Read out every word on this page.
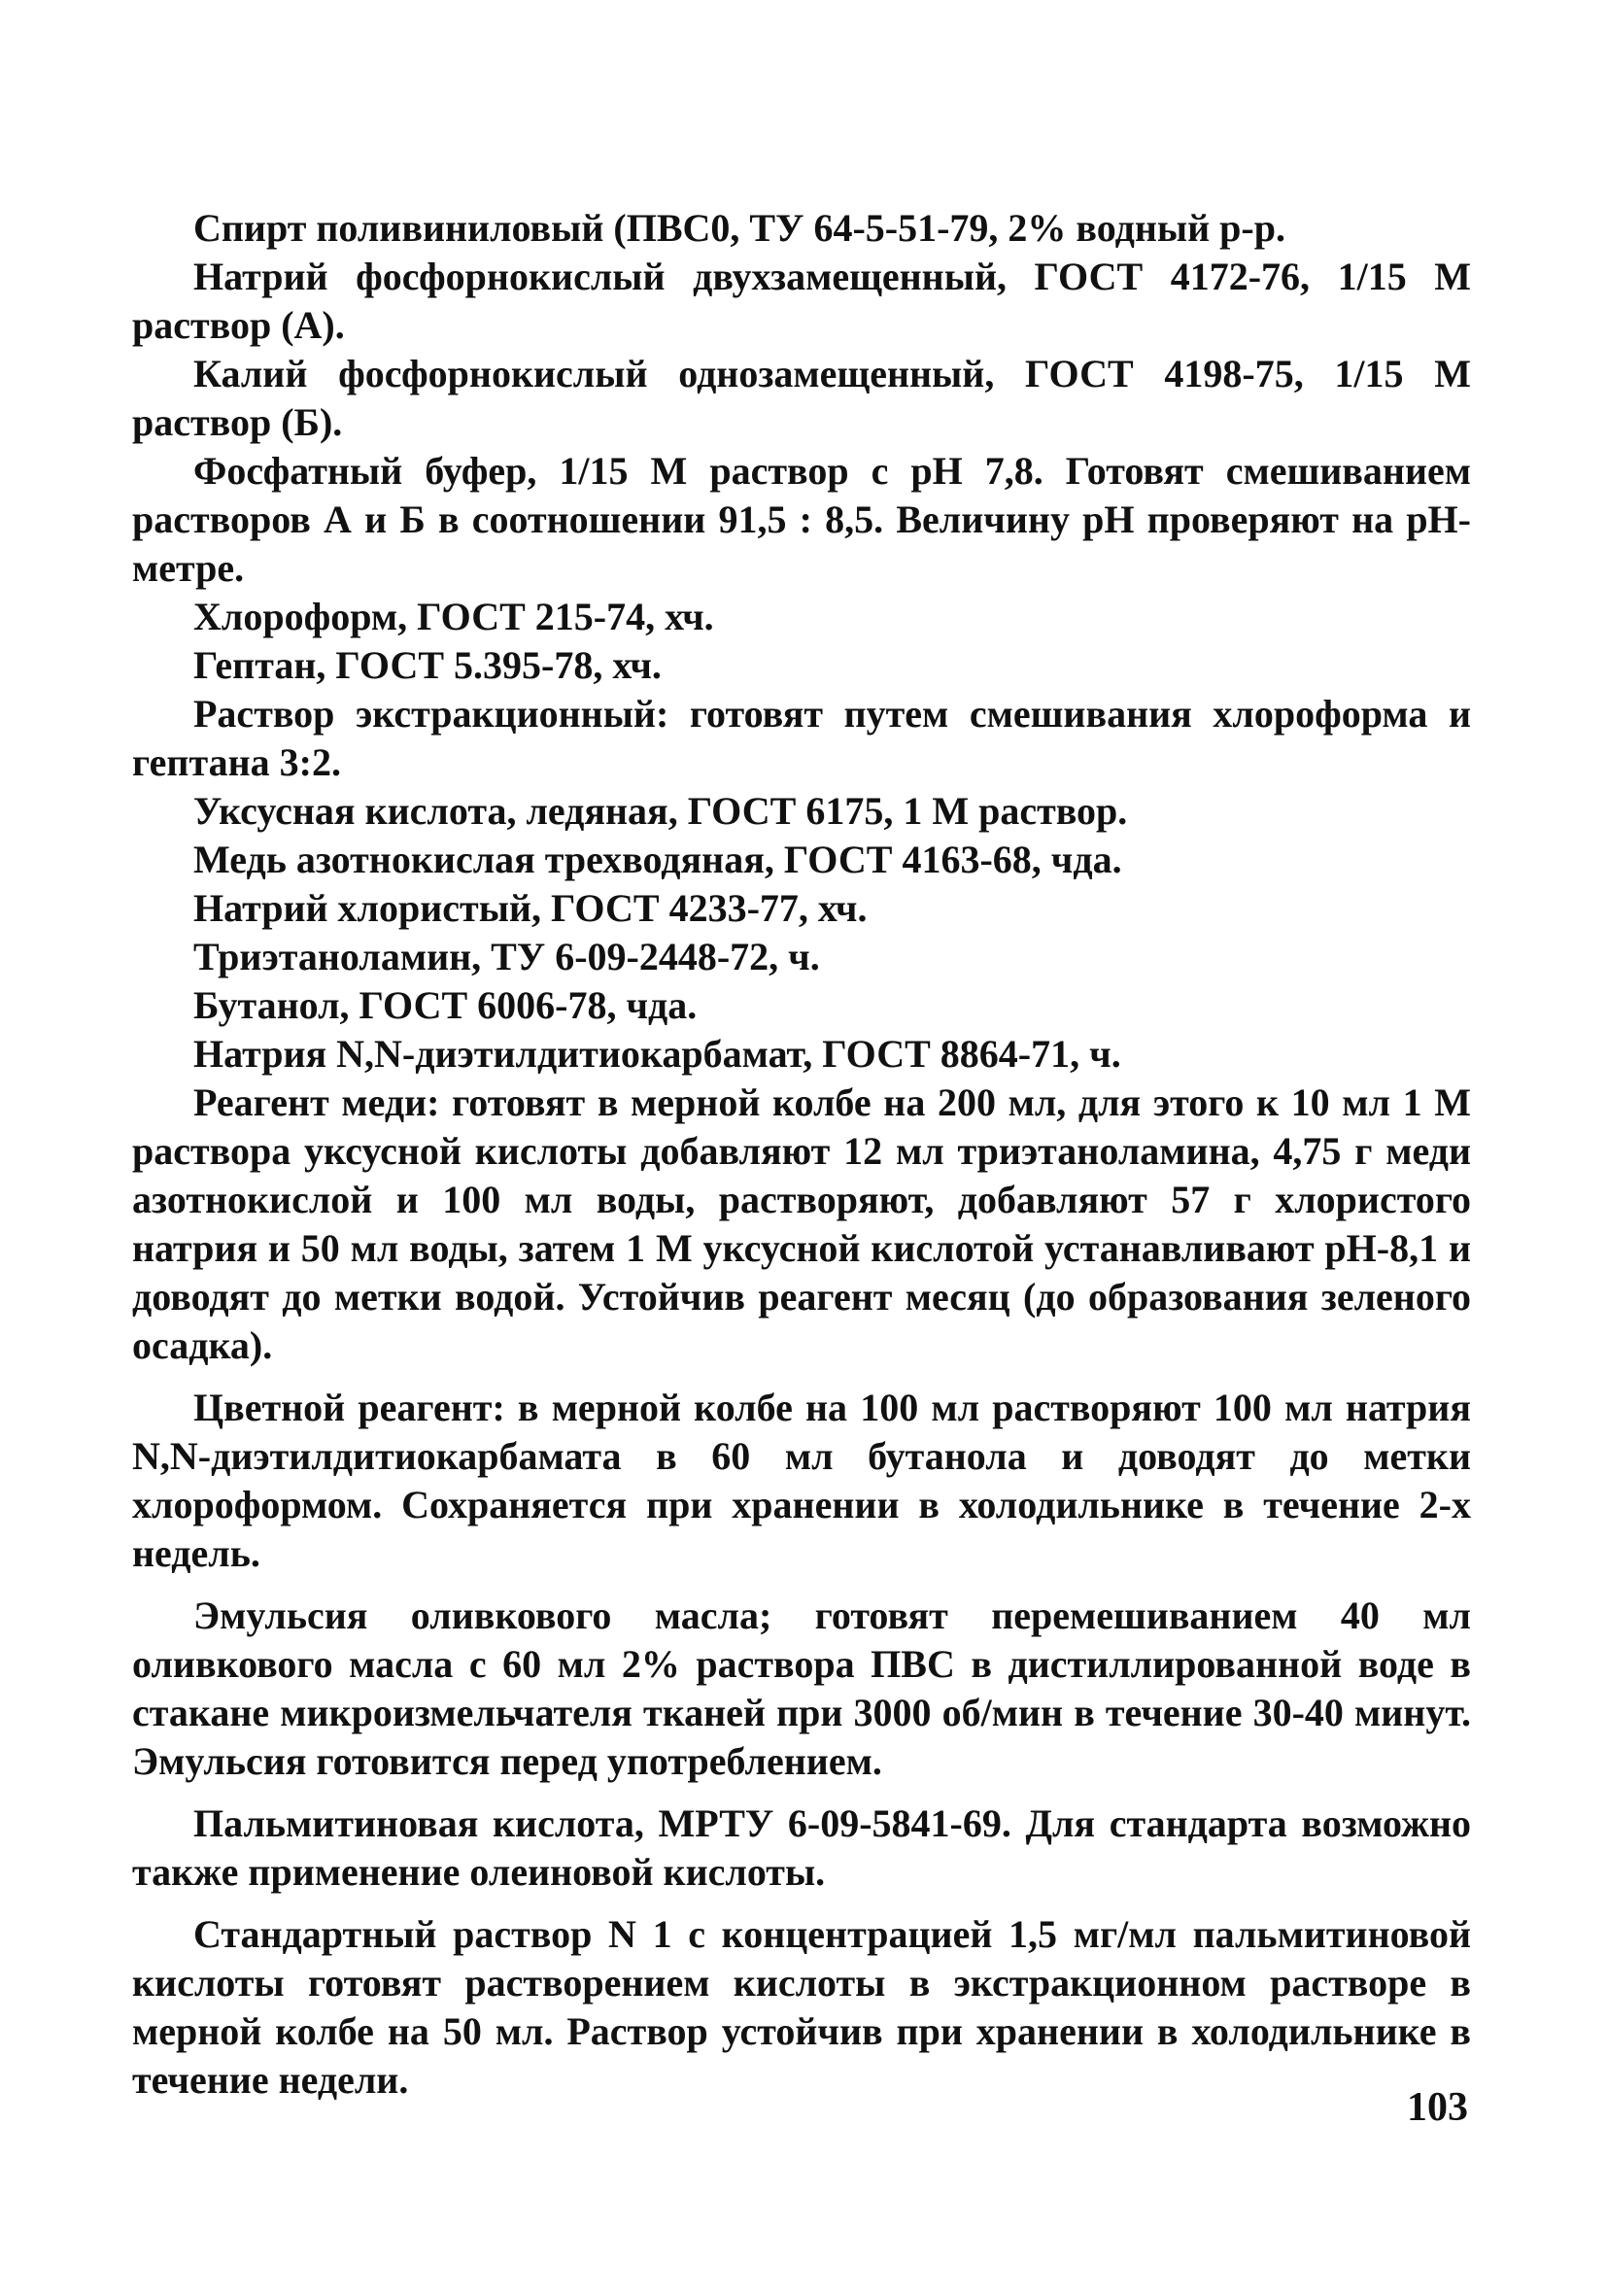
Спирт поливиниловый (ПВС0, ТУ 64-5-51-79, 2% водный р-р.

Натрий фосфорнокислый двухзамещенный, ГОСТ 4172-76, 1/15 М раствор (А).

Калий фосфорнокислый однозамещенный, ГОСТ 4198-75, 1/15 М раствор (Б).

Фосфатный буфер, 1/15 М раствор с pH 7,8. Готовят смешиванием растворов А и Б в соотношении 91,5 : 8,5. Величину pH проверяют на pH-метре.

Хлороформ, ГОСТ 215-74, хч.

Гептан, ГОСТ 5.395-78, хч.

Раствор экстракционный: готовят путем смешивания хлороформа и гептана 3:2.

Уксусная кислота, ледяная, ГОСТ 6175, 1 М раствор.

Медь азотнокислая трехводяная, ГОСТ 4163-68, чда.

Натрий хлористый, ГОСТ 4233-77, хч.

Триэтаноламин, ТУ 6-09-2448-72, ч.

Бутанол, ГОСТ 6006-78, чда.

Натрия N,N-диэтилдитиокарбамат, ГОСТ 8864-71, ч.

Реагент меди: готовят в мерной колбе на 200 мл, для этого к 10 мл 1 М раствора уксусной кислоты добавляют 12 мл триэтаноламина, 4,75 г меди азотнокислой и 100 мл воды, растворяют, добавляют 57 г хлористого натрия и 50 мл воды, затем 1 М уксусной кислотой устанавливают pH-8,1 и доводят до метки водой. Устойчив реагент месяц (до образования зеленого осадка).

Цветной реагент: в мерной колбе на 100 мл растворяют 100 мл натрия N,N-диэтилдитиокарбамата в 60 мл бутанола и доводят до метки хлороформом. Сохраняется при хранении в холодильнике в течение 2-х недель.

Эмульсия оливкового масла; готовят перемешиванием 40 мл оливкового масла с 60 мл 2% раствора ПВС в дистиллированной воде в стакане микроизмельчателя тканей при 3000 об/мин в течение 30-40 минут. Эмульсия готовится перед употреблением.

Пальмитиновая кислота, МРТУ 6-09-5841-69. Для стандарта возможно также применение олеиновой кислоты.

Стандартный раствор N 1 с концентрацией 1,5 мг/мл пальмитиновой кислоты готовят растворением кислоты в экстракционном растворе в мерной колбе на 50 мл. Раствор устойчив при хранении в холодильнике в течение недели.

103
